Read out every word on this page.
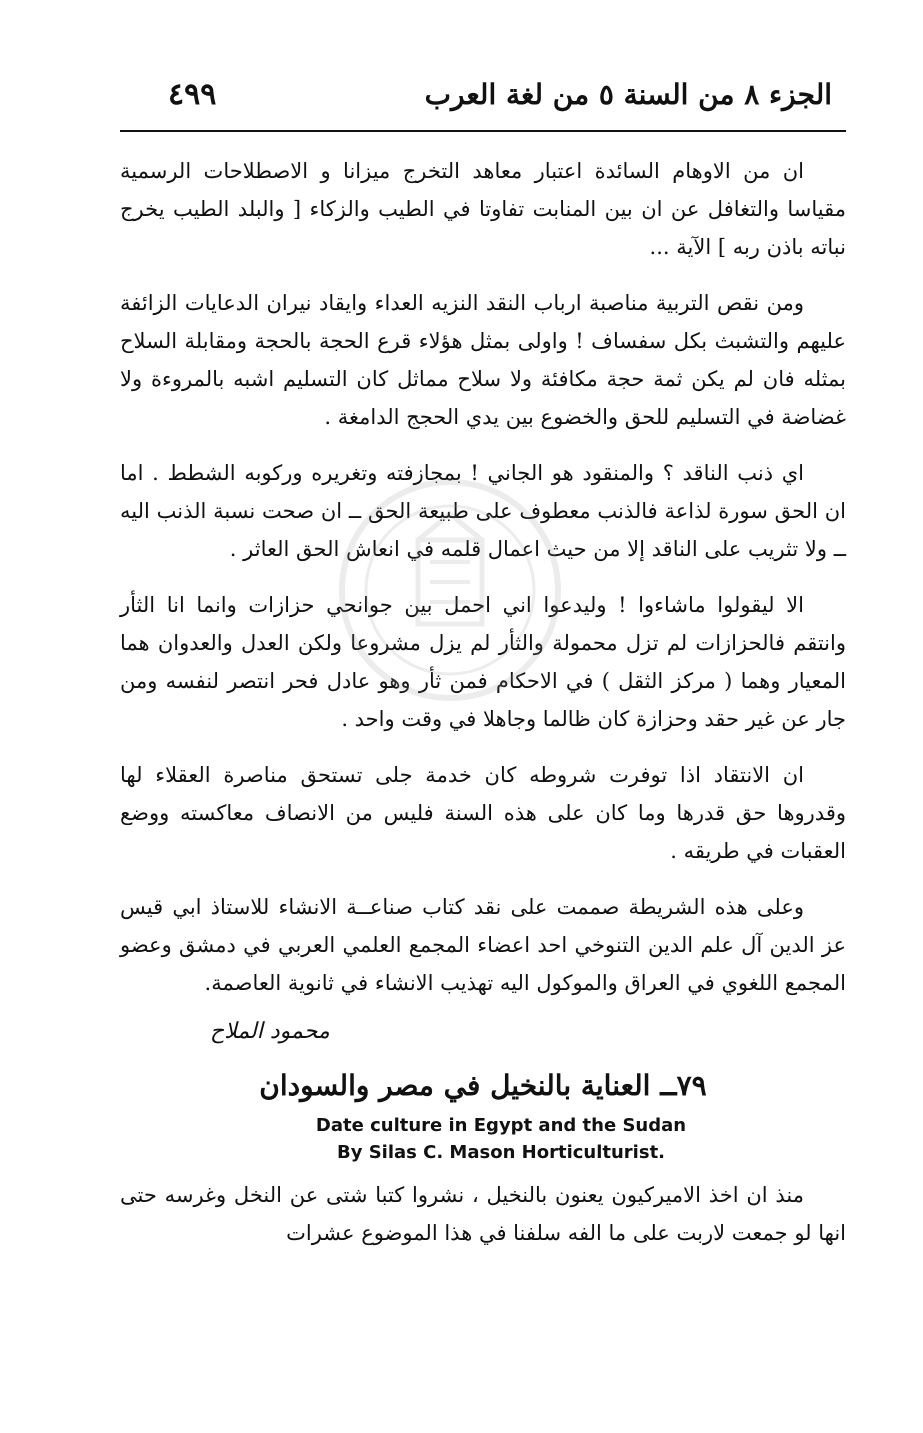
الجزء ٨ من السنة ٥ من لغة العرب
٤٩٩

ان من الاوهام السائدة اعتبار معاهد التخرج ميزانا و الاصطلاحات الرسمية مقياسا والتغافل عن ان بين المنابت تفاوتا في الطيب والزكاء [ والبلد الطيب يخرج نباته باذن ربه ] الآية ...

ومن نقص التربية مناصبة ارباب النقد النزيه العداء وايقاد نيران الدعايات الزائفة عليهم والتشبث بكل سفساف ! واولى بمثل هؤلاء قرع الحجة بالحجة ومقابلة السلاح بمثله فان لم يكن ثمة حجة مكافئة ولا سلاح مماثل كان التسليم اشبه بالمروءة ولا غضاضة في التسليم للحق والخضوع بين يدي الحجج الدامغة .

اي ذنب الناقد ؟ والمنقود هو الجاني ! بمجازفته وتغريره وركوبه الشطط . اما ان الحق سورة لذاعة فالذنب معطوف على طبيعة الحق ــ ان صحت نسبة الذنب اليه ــ ولا تثريب على الناقد إلا من حيث اعمال قلمه في انعاش الحق العاثر .

الا ليقولوا ماشاءوا ! وليدعوا اني احمل بين جوانحي حزازات وانما انا الثأر وانتقم فالحزازات لم تزل محمولة والثأر لم يزل مشروعا ولكن العدل والعدوان هما المعيار وهما ( مركز الثقل ) في الاحكام فمن ثأر وهو عادل فحر انتصر لنفسه ومن جار عن غير حقد وحزازة كان ظالما وجاهلا في وقت واحد .

ان الانتقاد اذا توفرت شروطه كان خدمة جلى تستحق مناصرة العقلاء لها وقدروها حق قدرها وما كان على هذه السنة فليس من الانصاف معاكسته ووضع العقبات في طريقه .

وعلى هذه الشريطة صممت على نقد كتاب صناعــة الانشاء للاستاذ ابي قيس عز الدين آل علم الدين التنوخي احد اعضاء المجمع العلمي العربي في دمشق وعضو المجمع اللغوي في العراق والموكول اليه تهذيب الانشاء في ثانوية العاصمة.

محمود الملاح
٧٩ــ العناية بالنخيل في مصر والسودان
Date culture in Egypt and the Sudan
By Silas C. Mason Horticulturist.

منذ ان اخذ الاميركيون يعنون بالنخيل ، نشروا كتبا شتى عن النخل وغرسه حتى انها لو جمعت لاربت على ما الفه سلفنا في هذا الموضوع عشرات
